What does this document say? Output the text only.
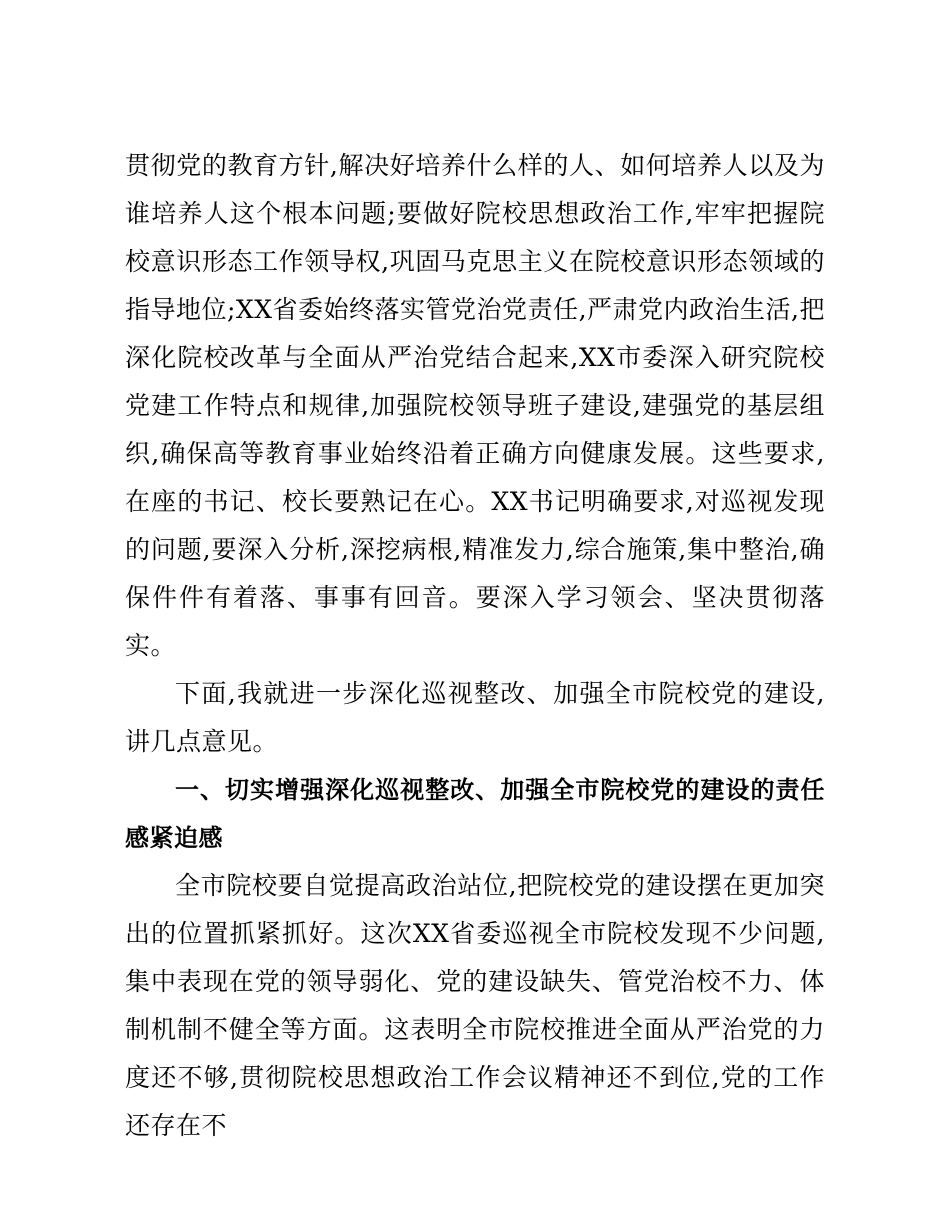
贯彻党的教育方针,解决好培养什么样的人、如何培养人以及为谁培养人这个根本问题;要做好院校思想政治工作,牢牢把握院校意识形态工作领导权,巩固马克思主义在院校意识形态领域的指导地位;XX省委始终落实管党治党责任,严肃党内政治生活,把深化院校改革与全面从严治党结合起来,XX市委深入研究院校党建工作特点和规律,加强院校领导班子建设,建强党的基层组织,确保高等教育事业始终沿着正确方向健康发展。这些要求,在座的书记、校长要熟记在心。XX书记明确要求,对巡视发现的问题,要深入分析,深挖病根,精准发力,综合施策,集中整治,确保件件有着落、事事有回音。要深入学习领会、坚决贯彻落实。

下面,我就进一步深化巡视整改、加强全市院校党的建设,讲几点意见。

一、切实增强深化巡视整改、加强全市院校党的建设的责任感紧迫感

全市院校要自觉提高政治站位,把院校党的建设摆在更加突出的位置抓紧抓好。这次XX省委巡视全市院校发现不少问题,集中表现在党的领导弱化、党的建设缺失、管党治校不力、体制机制不健全等方面。这表明全市院校推进全面从严治党的力度还不够,贯彻院校思想政治工作会议精神还不到位,党的工作还存在不
